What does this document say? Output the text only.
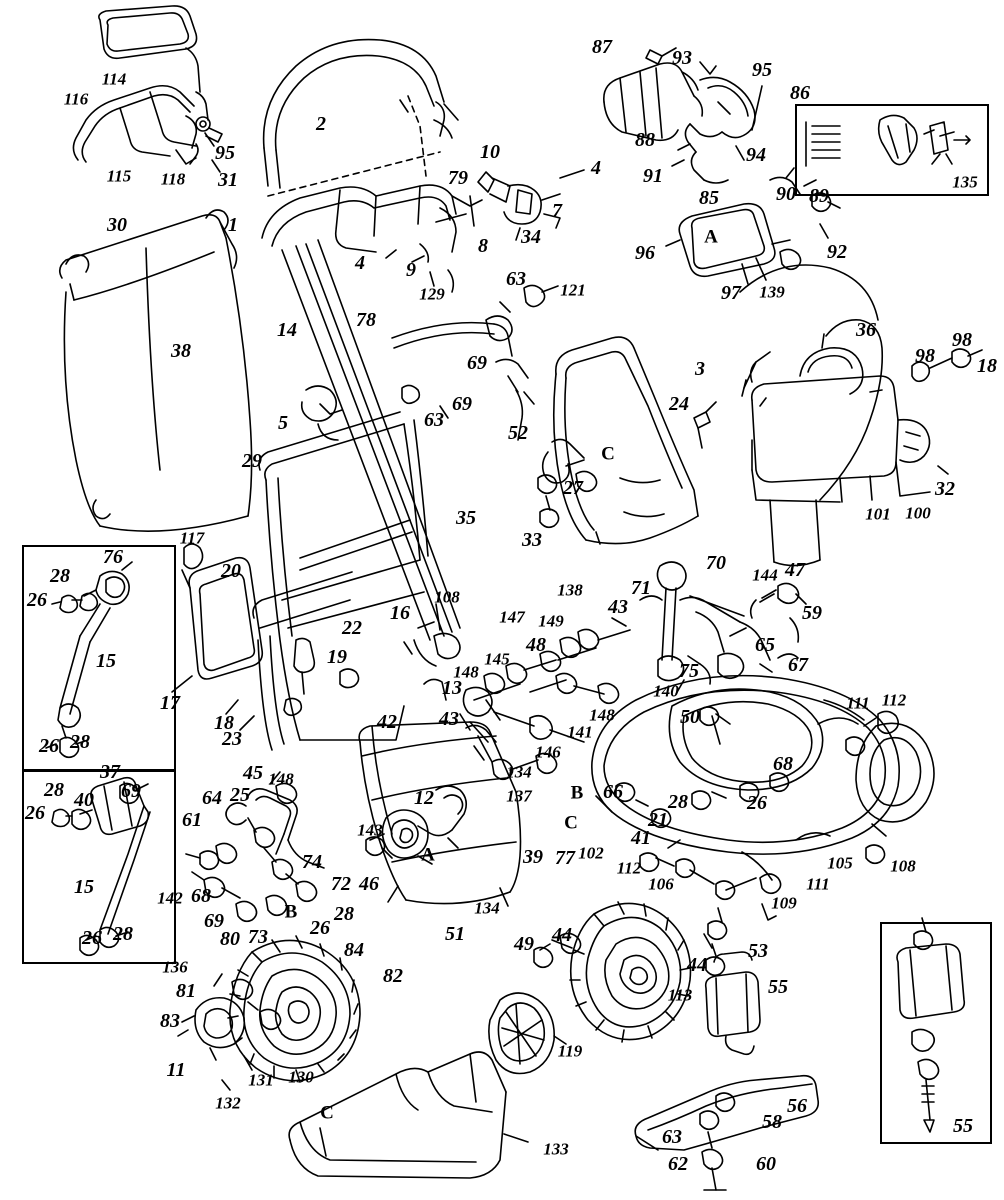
114
116
115 118 31
95
2
10
4
7
34
79
8
9
4
129
1
30
38
14
5
78
63
69
69
63 121
52
3
24
27
33
29
35
117
20
16
108
22
19
17
18
23
42
13
43
148
145
147
48
149
138
43
71
70
144 47
59
65
67
75
140
50
111 112
148
141
146
134
137
12
143
46
72
74
28
26
61
64 25
45 148
142 68
69
80 73
84
82
136
81
83
11
132
131 130
51
134
39 77 102
41
21
28	26
68
66
112
106
109
111
105 108
44
49
119
44
113
53
55
56
58
63
62	60
133
87	93
95
86
88
94
91
85	90 89
92
96
97 139
135
36
98
98
18
32
100
101
76
28
26
15
26 28
37
40
28
26
69
15
26 28
55
A
C
B
C
A
B
C
